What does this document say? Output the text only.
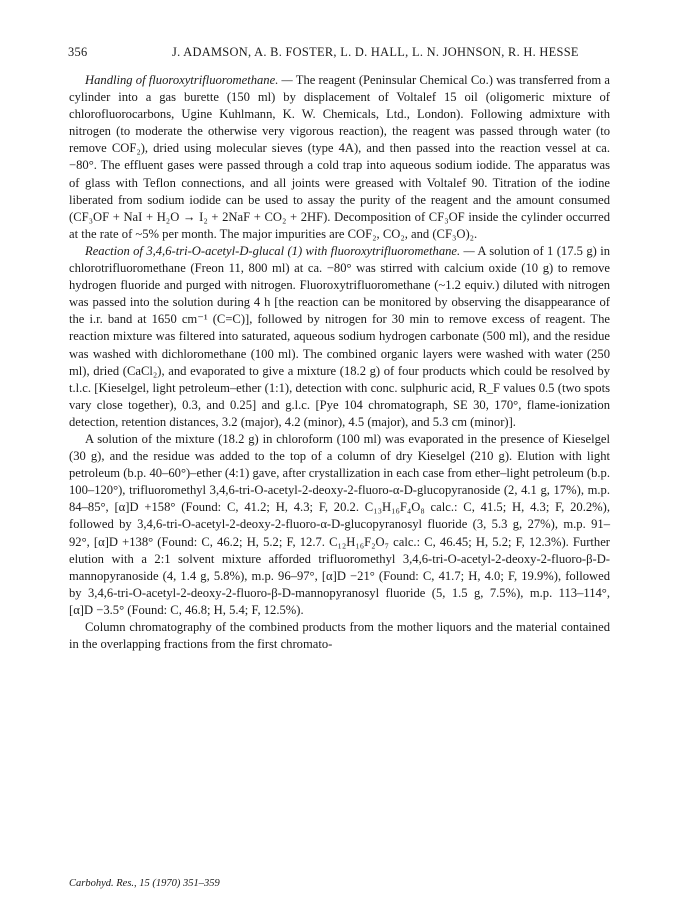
356	J. ADAMSON, A. B. FOSTER, L. D. HALL, L. N. JOHNSON, R. H. HESSE

Handling of fluoroxytrifluoromethane. — The reagent (Peninsular Chemical Co.) was transferred from a cylinder into a gas burette (150 ml) by displacement of Voltalef 15 oil (oligomeric mixture of chlorofluorocarbons, Ugine Kuhlmann, K. W. Chemicals, Ltd., London). Following admixture with nitrogen (to moderate the otherwise very vigorous reaction), the reagent was passed through water (to remove COF₂), dried using molecular sieves (type 4A), and then passed into the reaction vessel at ca. −80°. The effluent gases were passed through a cold trap into aqueous sodium iodide. The apparatus was of glass with Teflon connections, and all joints were greased with Voltalef 90. Titration of the iodine liberated from sodium iodide can be used to assay the purity of the reagent and the amount consumed (CF₃OF + NaI + H₂O → I₂ + 2NaF + CO₂ + 2HF). Decomposition of CF₃OF inside the cylinder occurred at the rate of ~5% per month. The major impurities are COF₂, CO₂, and (CF₃O)₂.

Reaction of 3,4,6-tri-O-acetyl-D-glucal (1) with fluoroxytrifluoromethane. — A solution of 1 (17.5 g) in chlorotrifluoromethane (Freon 11, 800 ml) at ca. −80° was stirred with calcium oxide (10 g) to remove hydrogen fluoride and purged with nitrogen. Fluoroxytrifluoromethane (~1.2 equiv.) diluted with nitrogen was passed into the solution during 4 h [the reaction can be monitored by observing the disappearance of the i.r. band at 1650 cm⁻¹ (C=C)], followed by nitrogen for 30 min to remove excess of reagent. The reaction mixture was filtered into saturated, aqueous sodium hydrogen carbonate (500 ml), and the residue was washed with dichloromethane (100 ml). The combined organic layers were washed with water (250 ml), dried (CaCl₂), and evaporated to give a mixture (18.2 g) of four products which could be resolved by t.l.c. [Kieselgel, light petroleum–ether (1:1), detection with conc. sulphuric acid, R_F values 0.5 (two spots vary close together), 0.3, and 0.25] and g.l.c. [Pye 104 chromatograph, SE 30, 170°, flame-ionization detection, retention distances, 3.2 (major), 4.2 (minor), 4.5 (major), and 5.3 cm (minor)].

A solution of the mixture (18.2 g) in chloroform (100 ml) was evaporated in the presence of Kieselgel (30 g), and the residue was added to the top of a column of dry Kieselgel (210 g). Elution with light petroleum (b.p. 40–60°)–ether (4:1) gave, after crystallization in each case from ether–light petroleum (b.p. 100–120°), trifluoromethyl 3,4,6-tri-O-acetyl-2-deoxy-2-fluoro-α-D-glucopyranoside (2, 4.1 g, 17%), m.p. 84–85°, [α]D +158° (Found: C, 41.2; H, 4.3; F, 20.2. C₁₃H₁₆F₄O₈ calc.: C, 41.5; H, 4.3; F, 20.2%), followed by 3,4,6-tri-O-acetyl-2-deoxy-2-fluoro-α-D-glucopyranosyl fluoride (3, 5.3 g, 27%), m.p. 91–92°, [α]D +138° (Found: C, 46.2; H, 5.2; F, 12.7. C₁₂H₁₆F₂O₇ calc.: C, 46.45; H, 5.2; F, 12.3%). Further elution with a 2:1 solvent mixture afforded trifluoromethyl 3,4,6-tri-O-acetyl-2-deoxy-2-fluoro-β-D-mannopyranoside (4, 1.4 g, 5.8%), m.p. 96–97°, [α]D −21° (Found: C, 41.7; H, 4.0; F, 19.9%), followed by 3,4,6-tri-O-acetyl-2-deoxy-2-fluoro-β-D-mannopyranosyl fluoride (5, 1.5 g, 7.5%), m.p. 113–114°, [α]D −3.5° (Found: C, 46.8; H, 5.4; F, 12.5%).

Column chromatography of the combined products from the mother liquors and the material contained in the overlapping fractions from the first chromato-

Carbohyd. Res., 15 (1970) 351–359
